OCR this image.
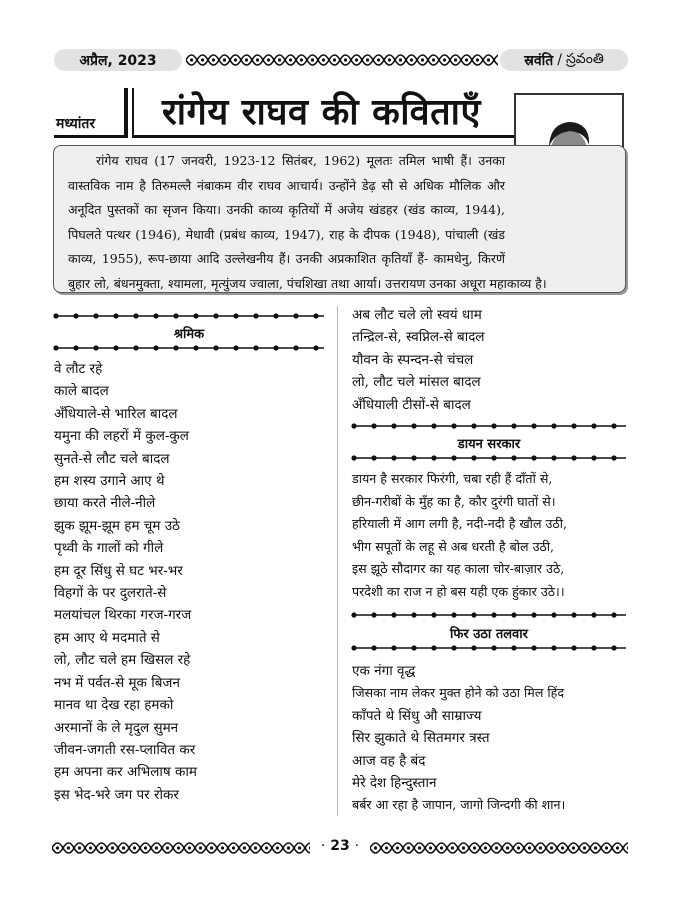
अप्रैल, 2023	स्रवंति / స్రవంతి
मध्यांतर रांगेय राघव की कविताएँ

रांगेय राघव (17 जनवरी, 1923-12 सितंबर, 1962) मूलतः तमिल भाषी हैं। उनका वास्तविक नाम है तिरुमल्लै नंबाकम वीर राघव आचार्य। उन्होंने डेढ़ सौ से अधिक मौलिक और अनूदित पुस्तकों का सृजन किया। उनकी काव्य कृतियों में अजेय खंडहर (खंड काव्य, 1944), पिघलते पत्थर (1946), मेधावी (प्रबंध काव्य, 1947), राह के दीपक (1948), पांचाली (खंड काव्य, 1955), रूप-छाया आदि उल्लेखनीय हैं। उनकी अप्रकाशित कृतियाँ हैं- कामधेनु, किरणें बुहार लो, बंधनमुक्ता, श्यामला, मृत्युंजय ज्वाला, पंचशिखा तथा आर्या। उत्तरायण उनका अधूरा महाकाव्य है।

श्रमिक
वे लौट रहे
काले बादल
अँधियाले-से भारिल बादल
यमुना की लहरों में कुल-कुल
सुनते-से लौट चले बादल
हम शस्य उगाने आए थे
छाया करते नीले-नीले
झुक झूम-झूम हम चूम उठे
पृथ्वी के गालों को गीले
हम दूर सिंधु से घट भर-भर
विहगों के पर दुलराते-से
मलयांचल थिरका गरज-गरज
हम आए थे मदमाते से
लो, लौट चले हम खिसल रहे
नभ में पर्वत-से मूक बिजन
मानव था देख रहा हमको
अरमानों के ले मृदुल सुमन
जीवन-जगती रस-प्लावित कर
हम अपना कर अभिलाष काम
इस भेद-भरे जग पर रोकर
अब लौट चले लो स्वयं धाम
तन्द्रिल-से, स्वप्निल-से बादल
यौवन के स्पन्दन-से चंचल
लो, लौट चले मांसल बादल
अँधियाली टीसों-से बादल
डायन सरकार
डायन है सरकार फिरंगी, चबा रही हैं दाँतों से,
छीन-गरीबों के मुँह का है, कौर दुरंगी घातों से।
हरियाली में आग लगी है, नदी-नदी है खौल उठी,
भीग सपूतों के लहू से अब धरती है बोल उठी,
इस झूठे सौदागर का यह काला चोर-बाज़ार उठे,
परदेशी का राज न हो बस यही एक हुंकार उठे।।
फिर उठा तलवार
एक नंगा वृद्ध
जिसका नाम लेकर मुक्त होने को उठा मिल हिंद
काँपते थे सिंधु औ साम्राज्य
सिर झुकाते थे सितमगर त्रस्त
आज वह है बंद
मेरे देश हिन्दुस्तान
बर्बर आ रहा है जापान, जागो जिन्दगी की शान।
· 23 ·
